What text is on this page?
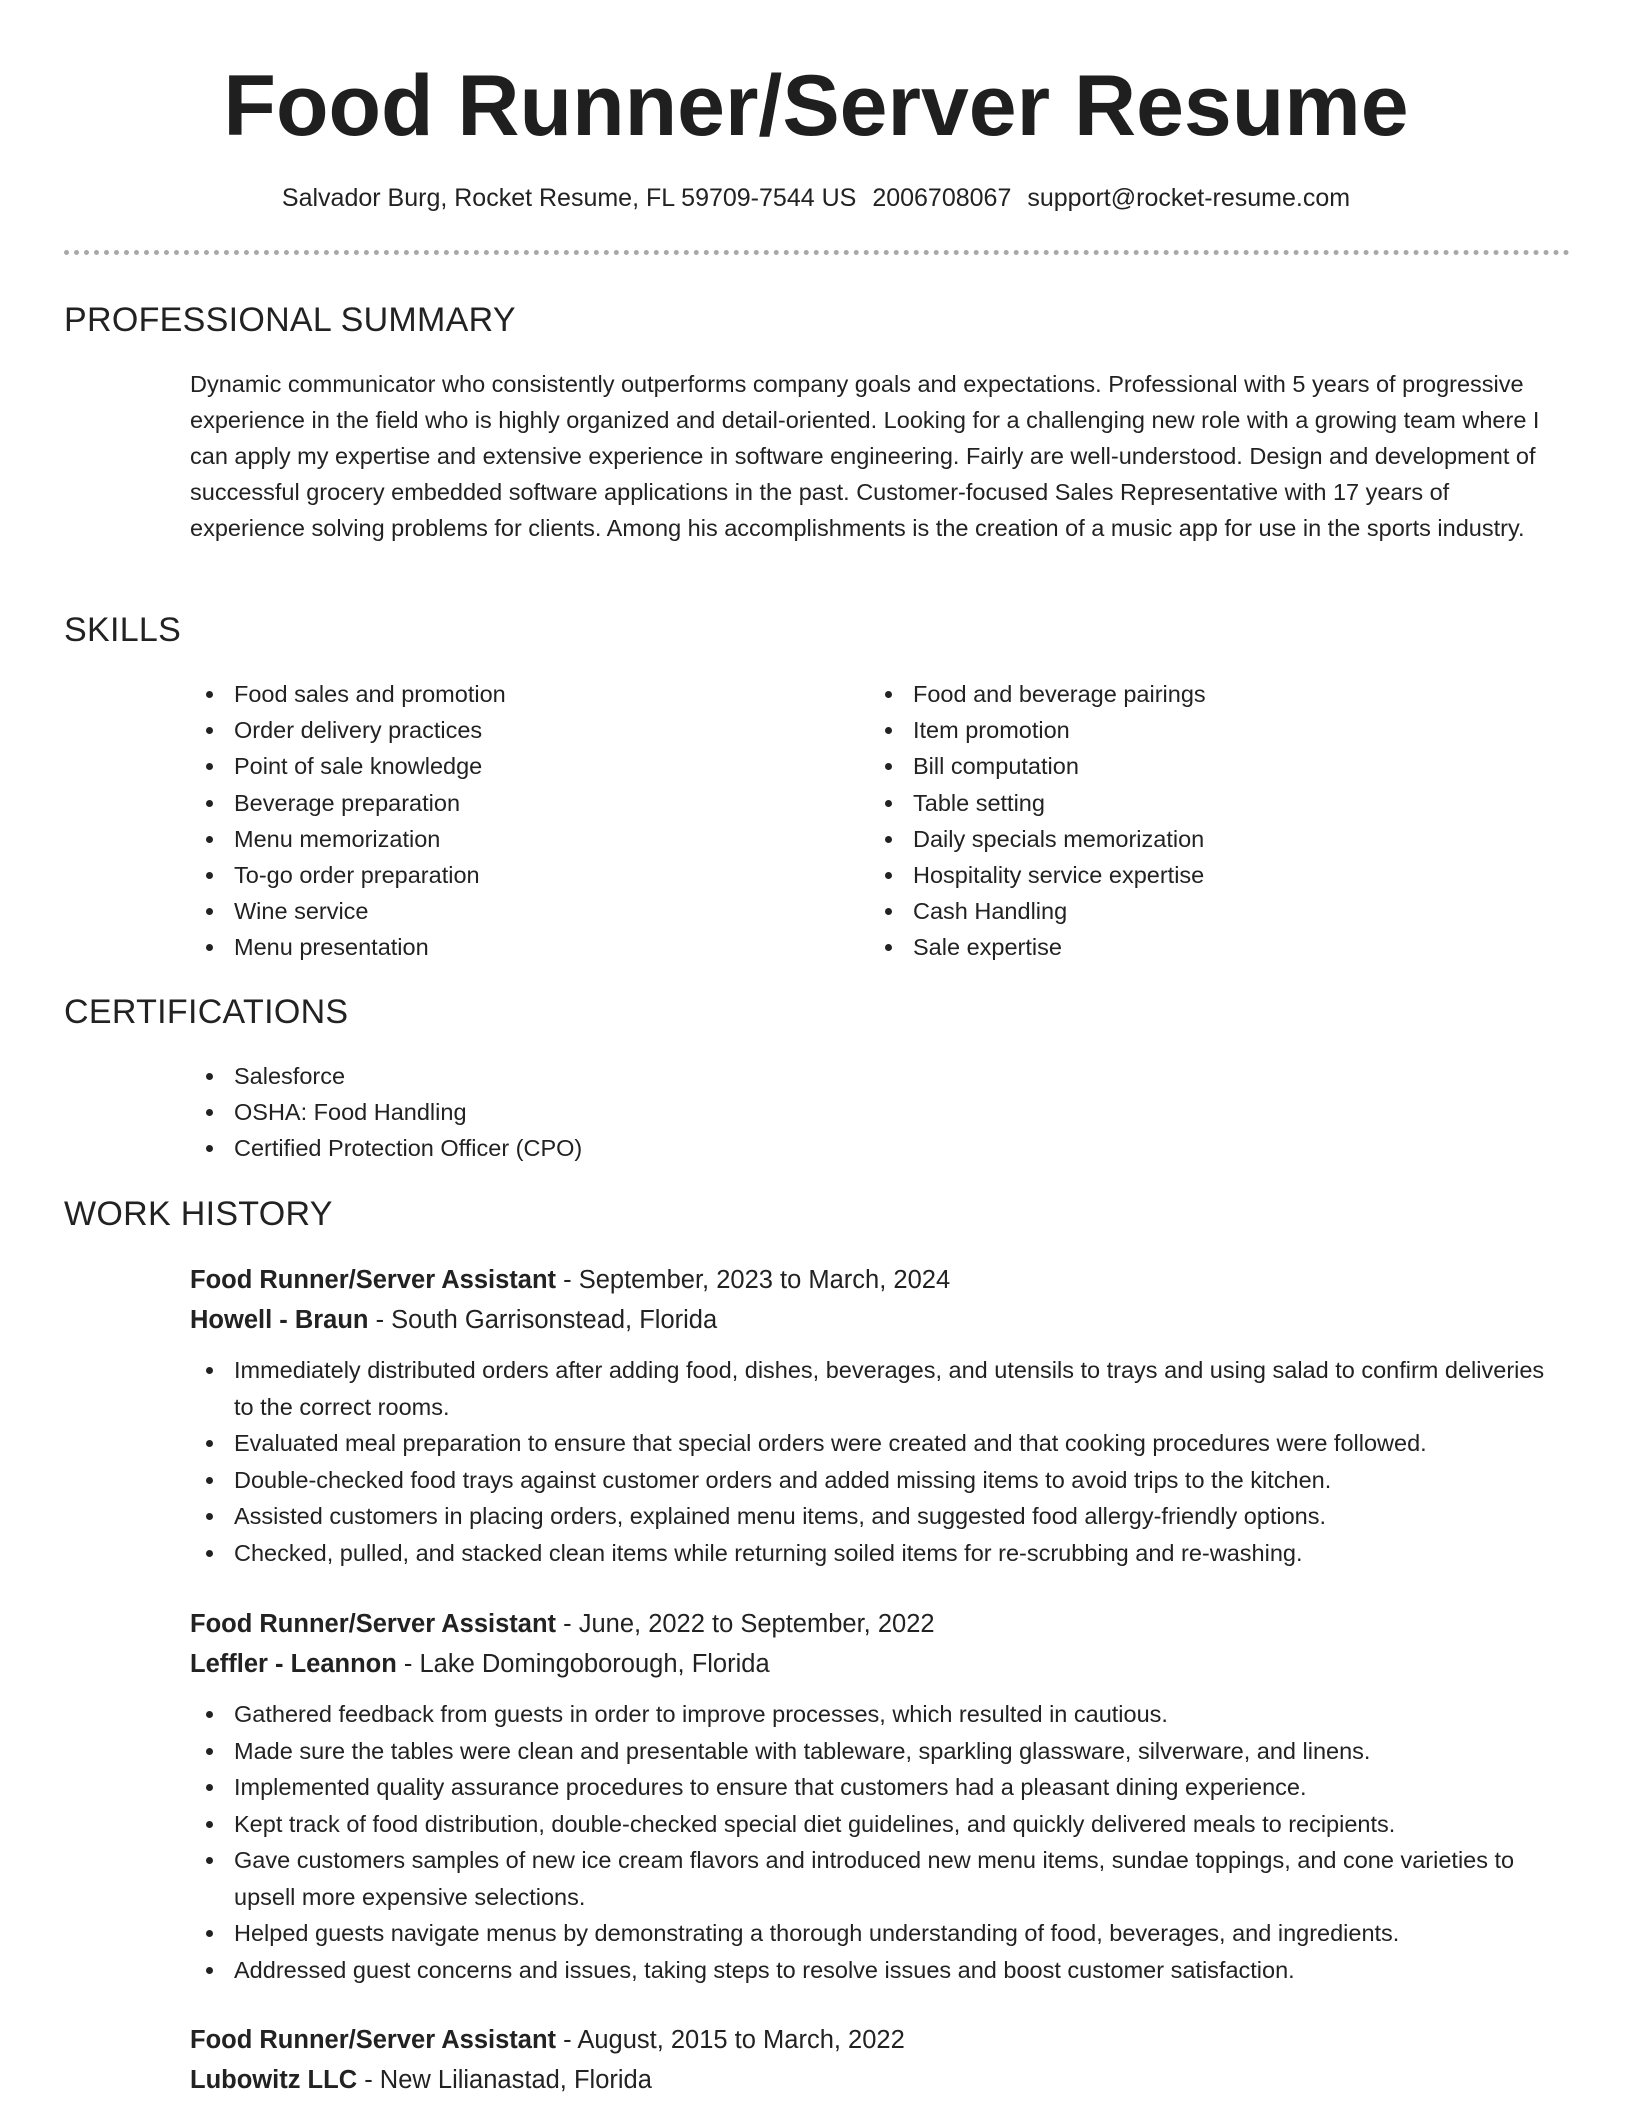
Food Runner/Server Resume
Salvador Burg, Rocket Resume, FL 59709-7544 US 2006708067 support@rocket-resume.com
PROFESSIONAL SUMMARY

Dynamic communicator who consistently outperforms company goals and expectations. Professional with 5 years of progressive experience in the field who is highly organized and detail-oriented. Looking for a challenging new role with a growing team where I can apply my expertise and extensive experience in software engineering. Fairly are well-understood. Design and development of successful grocery embedded software applications in the past. Customer-focused Sales Representative with 17 years of experience solving problems for clients. Among his accomplishments is the creation of a music app for use in the sports industry.

SKILLS
Food sales and promotion
Order delivery practices
Point of sale knowledge
Beverage preparation
Menu memorization
To-go order preparation
Wine service
Menu presentation
Food and beverage pairings
Item promotion
Bill computation
Table setting
Daily specials memorization
Hospitality service expertise
Cash Handling
Sale expertise
CERTIFICATIONS
Salesforce
OSHA: Food Handling
Certified Protection Officer (CPO)
WORK HISTORY
Food Runner/Server Assistant - September, 2023 to March, 2024
Howell - Braun - South Garrisonstead, Florida
Immediately distributed orders after adding food, dishes, beverages, and utensils to trays and using salad to confirm deliveries to the correct rooms.
Evaluated meal preparation to ensure that special orders were created and that cooking procedures were followed.
Double-checked food trays against customer orders and added missing items to avoid trips to the kitchen.
Assisted customers in placing orders, explained menu items, and suggested food allergy-friendly options.
Checked, pulled, and stacked clean items while returning soiled items for re-scrubbing and re-washing.
Food Runner/Server Assistant - June, 2022 to September, 2022
Leffler - Leannon - Lake Domingoborough, Florida
Gathered feedback from guests in order to improve processes, which resulted in cautious.
Made sure the tables were clean and presentable with tableware, sparkling glassware, silverware, and linens.
Implemented quality assurance procedures to ensure that customers had a pleasant dining experience.
Kept track of food distribution, double-checked special diet guidelines, and quickly delivered meals to recipients.
Gave customers samples of new ice cream flavors and introduced new menu items, sundae toppings, and cone varieties to upsell more expensive selections.
Helped guests navigate menus by demonstrating a thorough understanding of food, beverages, and ingredients.
Addressed guest concerns and issues, taking steps to resolve issues and boost customer satisfaction.
Food Runner/Server Assistant - August, 2015 to March, 2022
Lubowitz LLC - New Lilianastad, Florida
